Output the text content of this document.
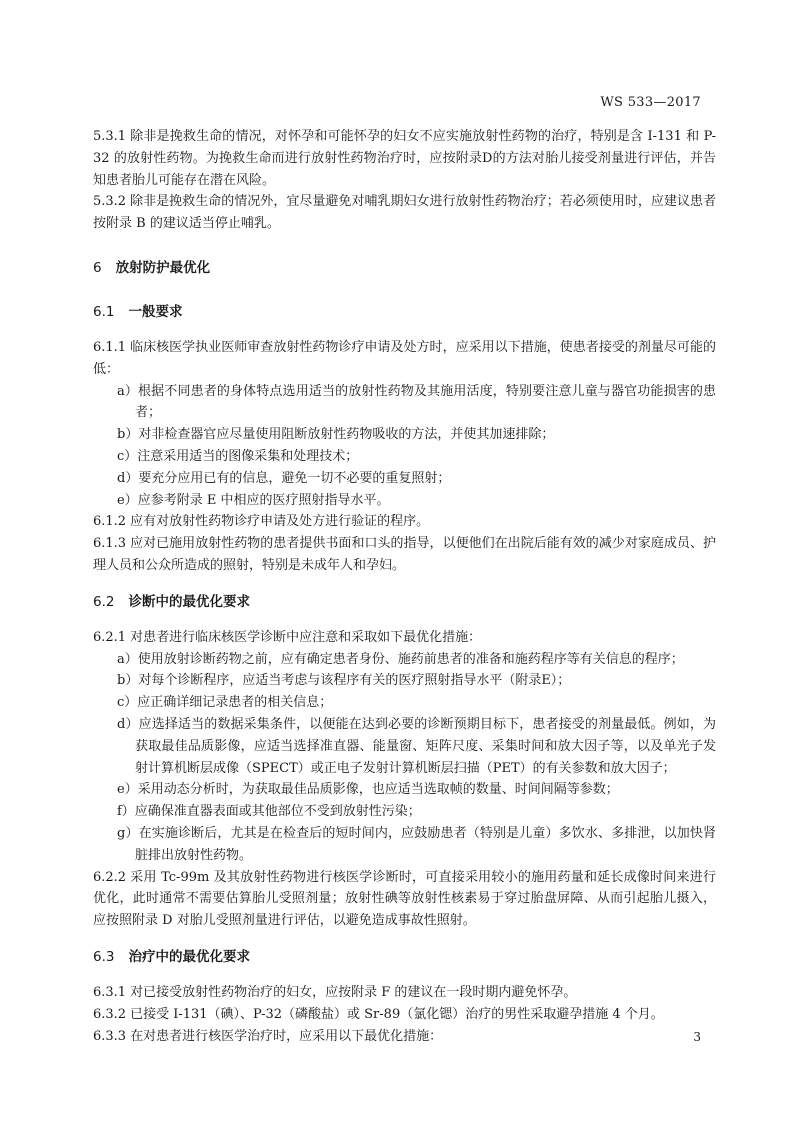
WS 533—2017

5.3.1 除非是挽救生命的情况，对怀孕和可能怀孕的妇女不应实施放射性药物的治疗，特别是含 I-131 和 P-32 的放射性药物。为挽救生命而进行放射性药物治疗时，应按附录D的方法对胎儿接受剂量进行评估，并告知患者胎儿可能存在潜在风险。

5.3.2 除非是挽救生命的情况外，宜尽量避免对哺乳期妇女进行放射性药物治疗；若必须使用时，应建议患者按附录 B 的建议适当停止哺乳。

6 放射防护最优化

6.1 一般要求

6.1.1 临床核医学执业医师审查放射性药物诊疗申请及处方时，应采用以下措施，使患者接受的剂量尽可能的低：

a）根据不同患者的身体特点选用适当的放射性药物及其施用活度，特别要注意儿童与器官功能损害的患者；

b）对非检查器官应尽量使用阻断放射性药物吸收的方法，并使其加速排除；

c）注意采用适当的图像采集和处理技术；

d）要充分应用已有的信息，避免一切不必要的重复照射；

e）应参考附录 E 中相应的医疗照射指导水平。

6.1.2 应有对放射性药物诊疗申请及处方进行验证的程序。

6.1.3 应对已施用放射性药物的患者提供书面和口头的指导，以便他们在出院后能有效的减少对家庭成员、护理人员和公众所造成的照射，特别是未成年人和孕妇。

6.2 诊断中的最优化要求

6.2.1 对患者进行临床核医学诊断中应注意和采取如下最优化措施：

a）使用放射诊断药物之前，应有确定患者身份、施药前患者的准备和施药程序等有关信息的程序；

b）对每个诊断程序，应适当考虑与该程序有关的医疗照射指导水平（附录E）；

c）应正确详细记录患者的相关信息；

d）应选择适当的数据采集条件，以便能在达到必要的诊断预期目标下，患者接受的剂量最低。例如，为获取最佳品质影像，应适当选择准直器、能量窗、矩阵尺度、采集时间和放大因子等，以及单光子发射计算机断层成像（SPECT）或正电子发射计算机断层扫描（PET）的有关参数和放大因子；

e）采用动态分析时，为获取最佳品质影像，也应适当选取帧的数量、时间间隔等参数；

f）应确保准直器表面或其他部位不受到放射性污染；

g）在实施诊断后，尤其是在检查后的短时间内，应鼓励患者（特别是儿童）多饮水、多排泄，以加快肾脏排出放射性药物。

6.2.2 采用 Tc-99m 及其放射性药物进行核医学诊断时，可直接采用较小的施用药量和延长成像时间来进行优化，此时通常不需要估算胎儿受照剂量；放射性碘等放射性核素易于穿过胎盘屏障、从而引起胎儿摄入，应按照附录 D 对胎儿受照剂量进行评估，以避免造成事故性照射。

6.3 治疗中的最优化要求

6.3.1 对已接受放射性药物治疗的妇女，应按附录 F 的建议在一段时期内避免怀孕。

6.3.2 已接受 I-131（碘）、P-32（磷酸盐）或 Sr-89（氯化锶）治疗的男性采取避孕措施 4 个月。

6.3.3 在对患者进行核医学治疗时，应采用以下最优化措施：	3
